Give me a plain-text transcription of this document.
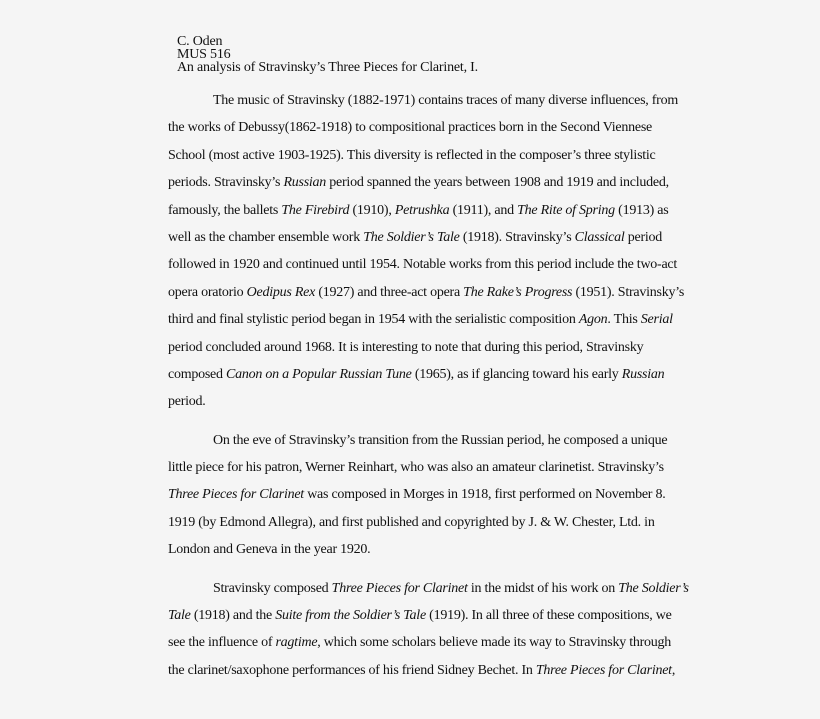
C. Oden
MUS 516
An analysis of Stravinsky’s Three Pieces for Clarinet, I.
The music of Stravinsky (1882-1971) contains traces of many diverse influences, from
the works of Debussy(1862-1918) to compositional practices born in the Second Viennese
School (most active 1903-1925). This diversity is reflected in the composer’s three stylistic
periods. Stravinsky’s Russian period spanned the years between 1908 and 1919 and included,
famously, the ballets The Firebird (1910), Petrushka (1911), and The Rite of Spring (1913) as
well as the chamber ensemble work The Soldier’s Tale (1918). Stravinsky’s Classical period
followed in 1920 and continued until 1954. Notable works from this period include the two-act
opera oratorio Oedipus Rex (1927) and three-act opera The Rake’s Progress (1951). Stravinsky’s
third and final stylistic period began in 1954 with the serialistic composition Agon. This Serial
period concluded around 1968. It is interesting to note that during this period, Stravinsky
composed Canon on a Popular Russian Tune (1965), as if glancing toward his early Russian
period.
On the eve of Stravinsky’s transition from the Russian period, he composed a unique
little piece for his patron, Werner Reinhart, who was also an amateur clarinetist. Stravinsky’s
Three Pieces for Clarinet was composed in Morges in 1918, first performed on November 8.
1919 (by Edmond Allegra), and first published and copyrighted by J. & W. Chester, Ltd. in
London and Geneva in the year 1920.
Stravinsky composed Three Pieces for Clarinet in the midst of his work on The Soldier’s
Tale (1918) and the Suite from the Soldier’s Tale (1919). In all three of these compositions, we
see the influence of ragtime, which some scholars believe made its way to Stravinsky through
the clarinet/saxophone performances of his friend Sidney Bechet. In Three Pieces for Clarinet,
